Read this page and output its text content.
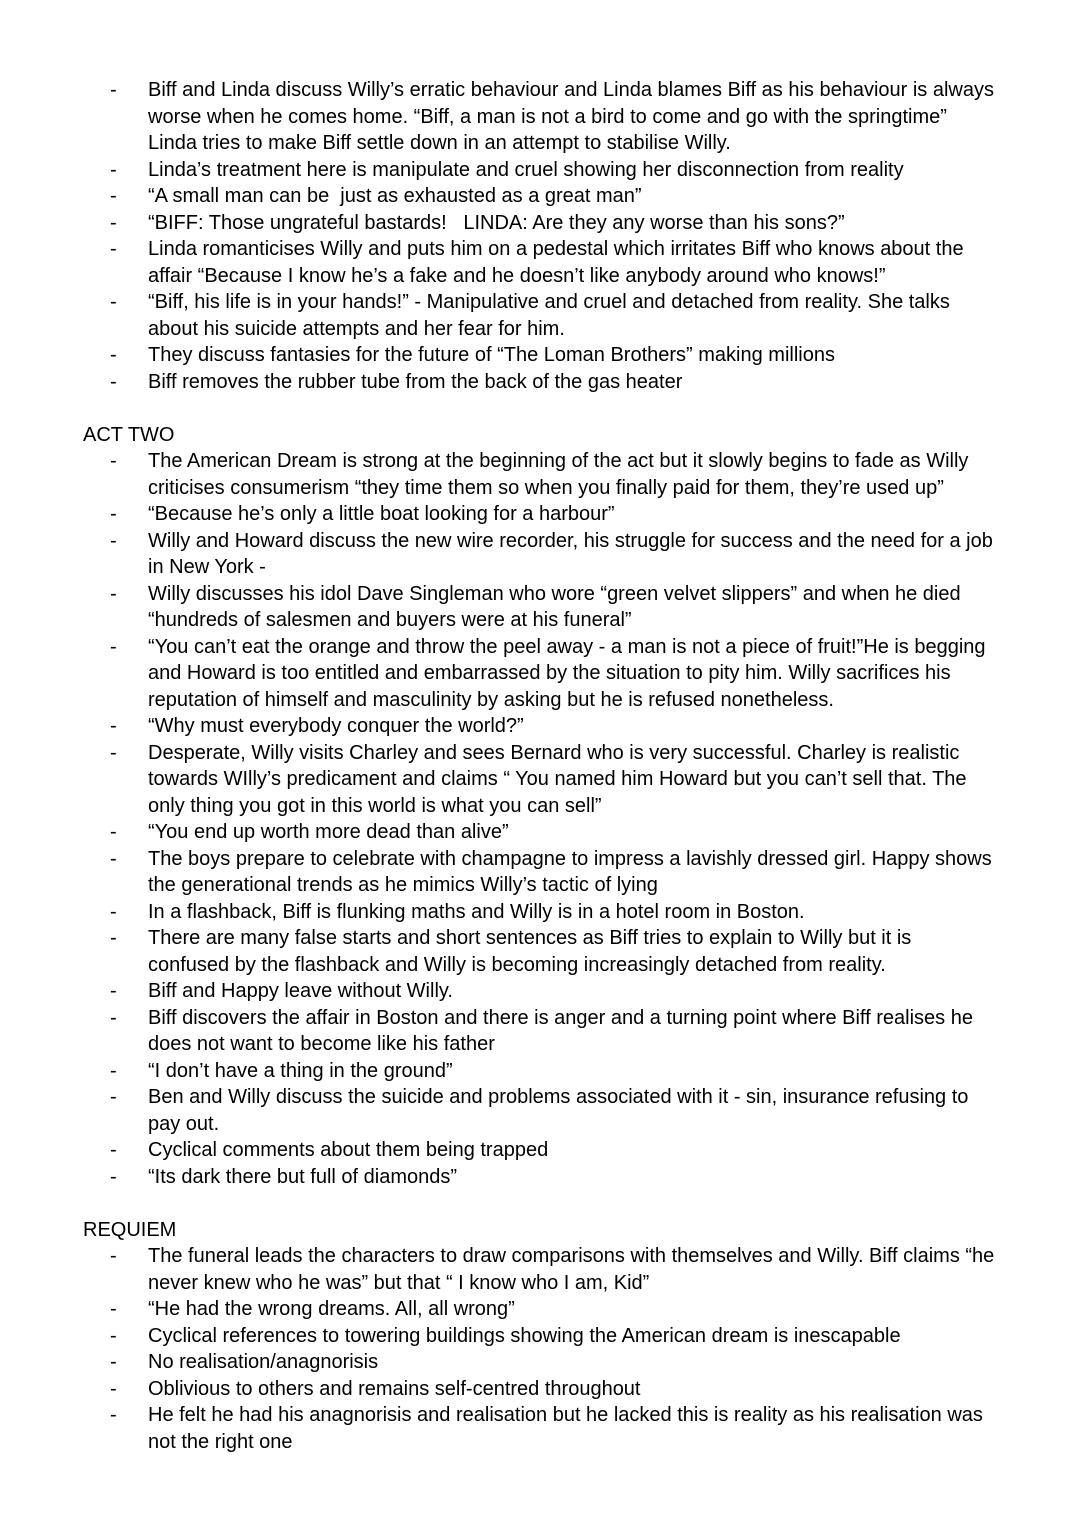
- Biff and Linda discuss Willy’s erratic behaviour and Linda blames Biff as his behaviour is always worse when he comes home. “Biff, a man is not a bird to come and go with the springtime” Linda tries to make Biff settle down in an attempt to stabilise Willy.
- Linda’s treatment here is manipulate and cruel showing her disconnection from reality
- “A small man can be  just as exhausted as a great man”
- “BIFF: Those ungrateful bastards!   LINDA: Are they any worse than his sons?”
- Linda romanticises Willy and puts him on a pedestal which irritates Biff who knows about the affair “Because I know he’s a fake and he doesn’t like anybody around who knows!”
- “Biff, his life is in your hands!” - Manipulative and cruel and detached from reality. She talks about his suicide attempts and her fear for him.
- They discuss fantasies for the future of “The Loman Brothers” making millions
- Biff removes the rubber tube from the back of the gas heater
ACT TWO
- The American Dream is strong at the beginning of the act but it slowly begins to fade as Willy criticises consumerism “they time them so when you finally paid for them, they’re used up”
- “Because he’s only a little boat looking for a harbour”
- Willy and Howard discuss the new wire recorder, his struggle for success and the need for a job in New York -
- Willy discusses his idol Dave Singleman who wore “green velvet slippers” and when he died “hundreds of salesmen and buyers were at his funeral”
- “You can’t eat the orange and throw the peel away - a man is not a piece of fruit!”He is begging and Howard is too entitled and embarrassed by the situation to pity him. Willy sacrifices his reputation of himself and masculinity by asking but he is refused nonetheless.
- “Why must everybody conquer the world?”
- Desperate, Willy visits Charley and sees Bernard who is very successful. Charley is realistic towards WIlly’s predicament and claims “ You named him Howard but you can’t sell that. The only thing you got in this world is what you can sell”
- “You end up worth more dead than alive”
- The boys prepare to celebrate with champagne to impress a lavishly dressed girl. Happy shows the generational trends as he mimics Willy’s tactic of lying
- In a flashback, Biff is flunking maths and Willy is in a hotel room in Boston.
- There are many false starts and short sentences as Biff tries to explain to Willy but it is confused by the flashback and Willy is becoming increasingly detached from reality.
- Biff and Happy leave without Willy.
- Biff discovers the affair in Boston and there is anger and a turning point where Biff realises he does not want to become like his father
- “I don’t have a thing in the ground”
- Ben and Willy discuss the suicide and problems associated with it - sin, insurance refusing to pay out.
- Cyclical comments about them being trapped
- “Its dark there but full of diamonds”
REQUIEM
- The funeral leads the characters to draw comparisons with themselves and Willy. Biff claims “he never knew who he was” but that “ I know who I am, Kid”
- “He had the wrong dreams. All, all wrong”
- Cyclical references to towering buildings showing the American dream is inescapable
- No realisation/anagnorisis
- Oblivious to others and remains self-centred throughout
- He felt he had his anagnorisis and realisation but he lacked this is reality as his realisation was not the right one
